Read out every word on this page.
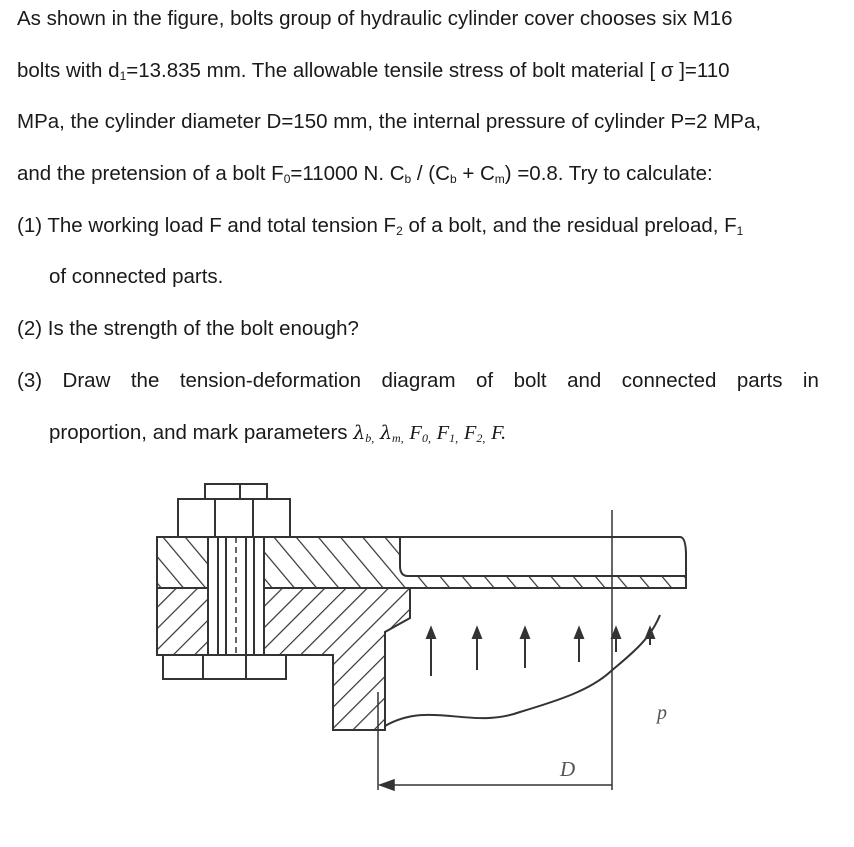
As shown in the figure, bolts group of hydraulic cylinder cover chooses six M16
bolts with $d_1=13.835$ mm. The allowable tensile stress of bolt material [ σ ]=110
MPa, the cylinder diameter D=150 mm, the internal pressure of cylinder P=2 MPa,
and the pretension of a bolt $F_0=11000$ N. $C_b / (C_b + C_m) =0.8$. Try to calculate:
(1) The working load F and total tension $F_2$ of a bolt, and the residual preload, $F_1$
of connected parts.
(2) Is the strength of the bolt enough?
(3) Draw the tension-deformation diagram of bolt and connected parts in
proportion, and mark parameters $\lambda_{b,}$ $\lambda_{m,}$ $F_{0,}$ $F_{1,}$ $F_{2,}$ F.
p
D
